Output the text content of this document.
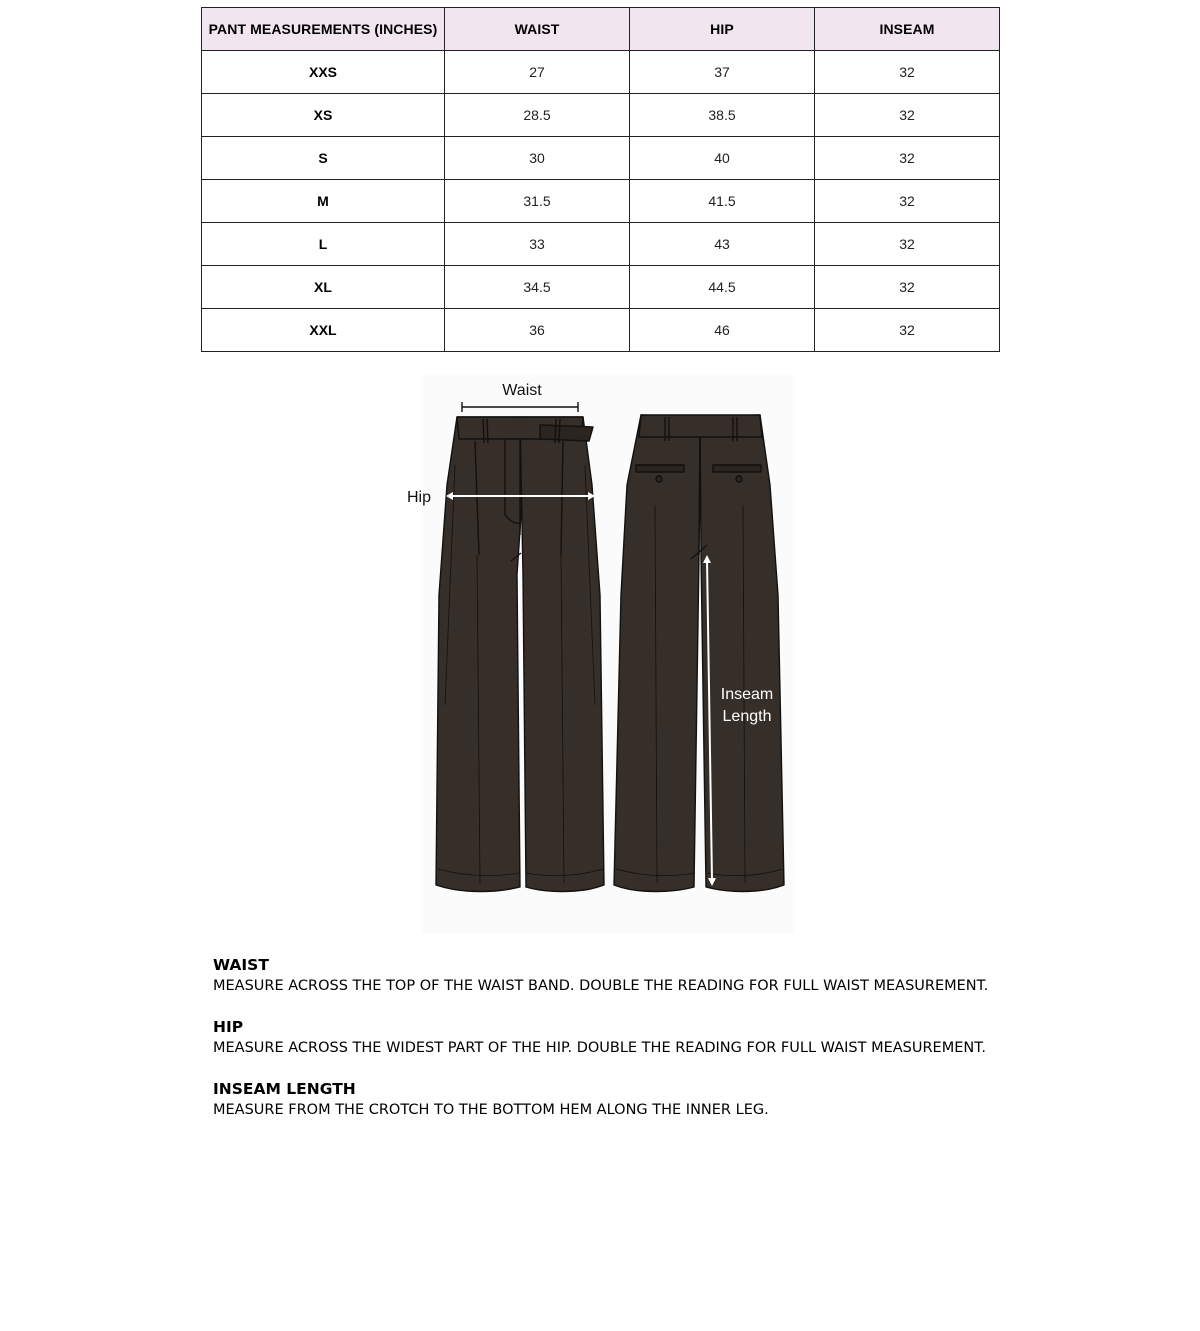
PANT MEASUREMENTS (INCHES)	WAIST	HIP	INSEAM
XXS	27	37	32
XS	28.5	38.5	32
S	30	40	32
M	31.5	41.5	32
L	33	43	32
XL	34.5	44.5	32
XXL	36	46	32
Waist
Hip
Inseam
Length
WAIST

MEASURE ACROSS THE TOP OF THE WAIST BAND. DOUBLE THE READING FOR FULL WAIST MEASUREMENT.

HIP

MEASURE ACROSS THE WIDEST PART OF THE HIP. DOUBLE THE READING FOR FULL WAIST MEASUREMENT.

INSEAM LENGTH

MEASURE FROM THE CROTCH TO THE BOTTOM HEM ALONG THE INNER LEG.
